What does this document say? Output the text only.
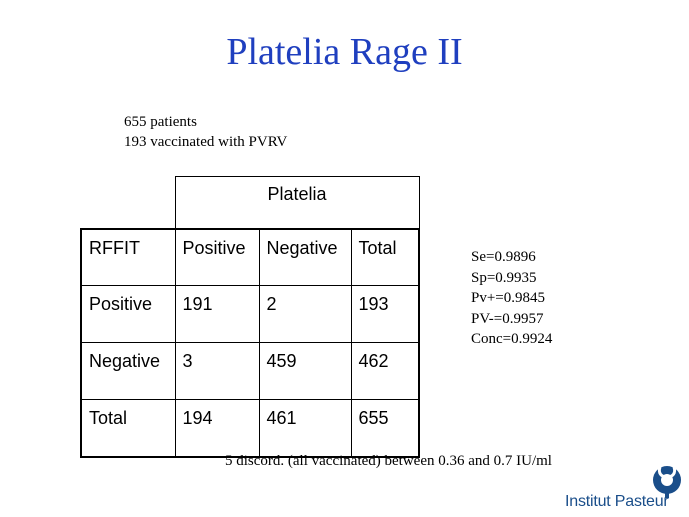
Platelia Rage II
655 patients
193 vaccinated with PVRV
	Platelia		
RFFIT	Positive	Negative	Total
Positive	191	2	193
Negative	3	459	462
Total	194	461	655
Se=0.9896
Sp=0.9935
Pv+=0.9845
PV-=0.9957
Conc=0.9924
5 discord. (all vaccinated) between 0.36 and 0.7 IU/ml
Institut Pasteur
